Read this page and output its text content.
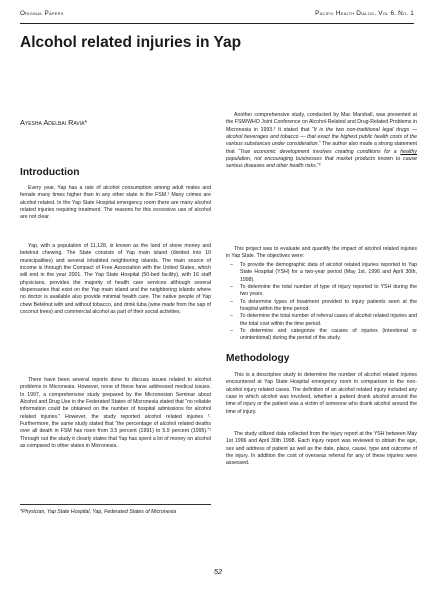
Original Papers	Pacific Health Dialog. Vol 6. No. 1
Alcohol related injuries in Yap
Ayesha Adelbai Ravia*
Introduction

Every year, Yap has a rate of alcohol consumption among adult males and female many times higher than in any other state in the FSM.¹ Many crimes are alcohol related. In the Yap State Hospital emergency room there are many alcohol related injuries requiring treatment. The reasons for this excessive use of alcohol are not clear.

Yap, with a population of 11,128, is known as the land of stone money and betelnut chewing. The State consists of Yap main island (divided into 10 municipalities) and several inhabited neighboring islands. The main source of income is through the Compact of Free Association with the United States, which will end in the year 2001. The Yap State Hospital (50-bed facility), with 16 staff physicians, provides the majority of health care services although several dispensaries that exist on the Yap main island and the neighboring islands where no doctor is available also provide minimal health care. The native people of Yap chew Betelnut with and without tobacco, and drink tuba (wine made from the sap of coconut trees) and commercial alcohol as part of their social activities.

There have been several reports done to discuss issues related to alcohol problems in Micronesia. However, none of these have addressed medical issues. In 1997, a comprehensive study prepared by the Micronesian Seminar about Alcohol and Drug Use in the Federated States of Micronesia stated that “no reliable information could be obtained on the number of hospital admissions for alcohol related injuries.” However, the study reported alcohol related injuries ¹. Furthermore, the same study stated that “the percentage of alcohol related deaths over all death in FSM has risen from 3.5 percent (1991) to 5.9 percent (1995).”¹ Through out the study it clearly states that Yap has spent a lot of money on alcohol as compared to other states in Micronesia.

Another comprehensive study, conducted by Mac Marshall, was presented at the FSM/WHO Joint Conference on Alcohol-Related and Drug-Related Problems in Micronesia in 1993.² It stated that “It is the two non-traditional legal drugs — alcohol beverages and tobacco — that exact the highest public health costs of the various substances under consideration.” The author also made a strong statement that “True economic development involves creating conditions for a healthy population, not encouraging businesses that market products known to cause serious diseases and other health risks.”²

This project was to evaluate and quantify the impact of alcohol related injuries in Yap State. The objectives were:

– To provide the demographic data of alcohol related injuries reported to Yap State Hospital (YSH) for a two-year period (May 1st, 1996 and April 30th, 1998).
– To determine the total number of type of injury reported to YSH during the two years.
– To determine types of treatment provided to injury patients seen at the hospital within the time period.
– To determine the total number of referral cases of alcohol related injuries and the total cost within the time period.
– To determine and categorize the causes of injuries (intentional or unintentional) during the period of the study.
Methodology

This is a descriptive study to determine the number of alcohol related injuries encountered at Yap State Hospital emergency room in comparison to the non-alcohol injury related cases. The definition of an alcohol related injury included any case in which alcohol was involved, whether a patient drank alcohol around the time of injury or the patient was a victim of someone who drank alcohol around the time of injury.

The study utilized data collected from the injury report at the YSH between May 1st 1996 and April 30th 1998. Each injury report was reviewed to obtain the age, sex and address of patient as well as the date, place, cause, type and outcome of the injury. In addition the cost of overseas referral for any of these injuries were assessed.

*Physician, Yap State Hospital, Yap, Federated States of Micronesia

52
